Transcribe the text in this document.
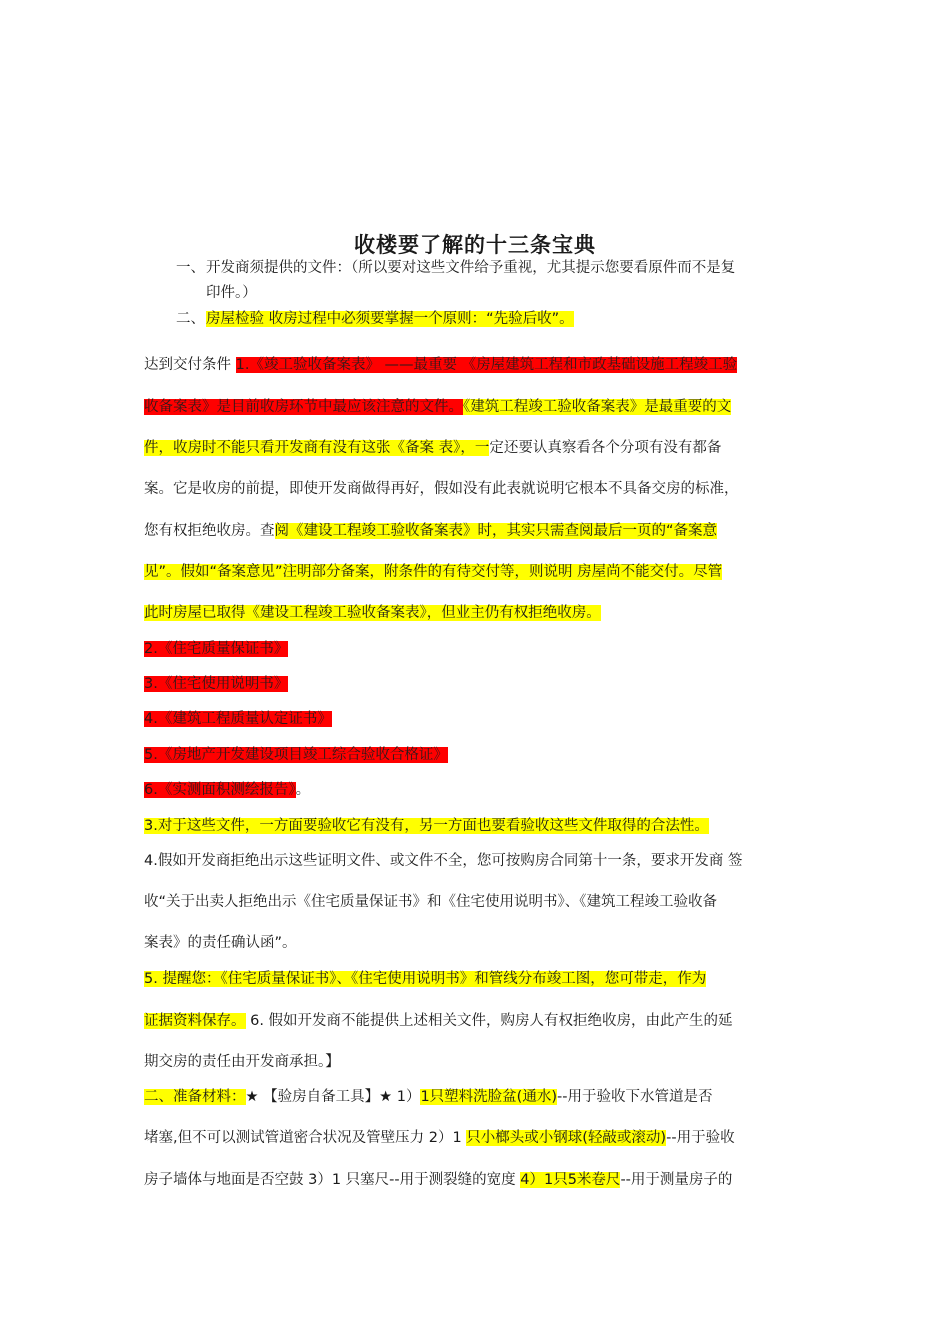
收楼要了解的十三条宝典
一、开发商须提供的文件：（所以要对这些文件给予重视，尤其提示您要看原件而不是复
印件。）
二、房屋检验 收房过程中必须要掌握一个原则：“先验后收”。
达到交付条件 1.《竣工验收备案表》 ——最重要 《房屋建筑工程和市政基础设施工程竣工验
收备案表》是目前收房环节中最应该注意的文件。《建筑工程竣工验收备案表》是最重要的文
件，收房时不能只看开发商有没有这张《备案 表》，一定还要认真察看各个分项有没有都备
案。它是收房的前提，即使开发商做得再好，假如没有此表就说明它根本不具备交房的标准，
您有权拒绝收房。查阅《建设工程竣工验收备案表》时，其实只需查阅最后一页的“备案意
见”。假如“备案意见”注明部分备案，附条件的有待交付等，则说明 房屋尚不能交付。尽管
此时房屋已取得《建设工程竣工验收备案表》，但业主仍有权拒绝收房。
2.《住宅质量保证书》
3.《住宅使用说明书》
4.《建筑工程质量认定证书》
5.《房地产开发建设项目竣工综合验收合格证》
6.《实测面积测绘报告》。
3.对于这些文件，一方面要验收它有没有，另一方面也要看验收这些文件取得的合法性。
4.假如开发商拒绝出示这些证明文件、或文件不全，您可按购房合同第十一条，要求开发商 签
收“关于出卖人拒绝出示《住宅质量保证书》和《住宅使用说明书》、《建筑工程竣工验收备
案表》的责任确认函”。
5. 提醒您：《住宅质量保证书》、《住宅使用说明书》和管线分布竣工图，您可带走，作为
证据资料保存。 6. 假如开发商不能提供上述相关文件，购房人有权拒绝收房，由此产生的延
期交房的责任由开发商承担。】
二、准备材料：★ 【验房自备工具】★ 1）1只塑料洗脸盆(通水)--用于验收下水管道是否
堵塞,但不可以测试管道密合状况及管壁压力 2）1 只小榔头或小钢球(轻敲或滚动)--用于验收
房子墙体与地面是否空鼓 3）1 只塞尺--用于测裂缝的宽度 4）1只5米卷尺--用于测量房子的
